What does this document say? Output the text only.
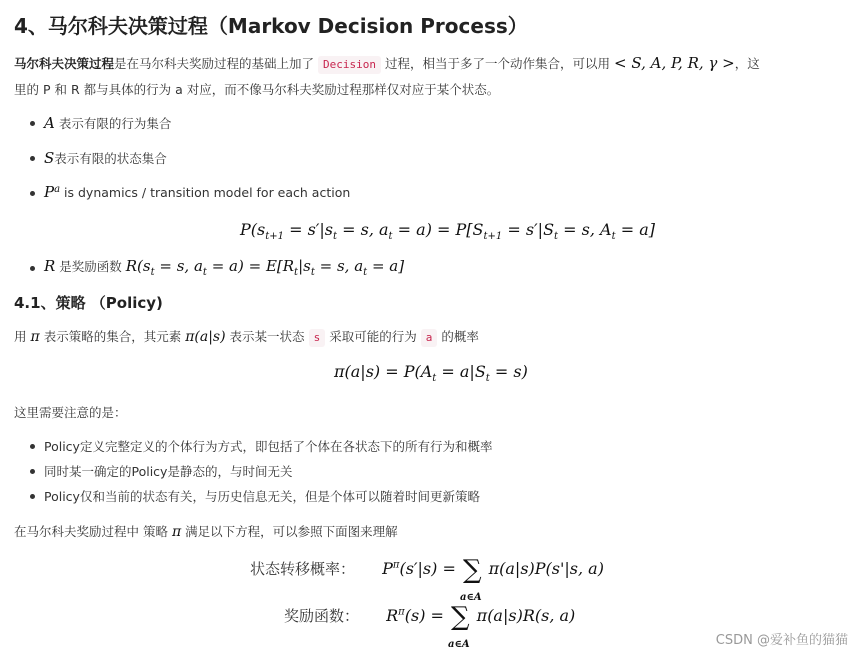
4、马尔科夫决策过程（Markov Decision Process）
马尔科夫决策过程是在马尔科夫奖励过程的基础上加了 Decision 过程，相当于多了一个动作集合，可以用 < S, A, P, R, γ >，这
里的 P 和 R 都与具体的行为 a 对应，而不像马尔科夫奖励过程那样仅对应于某个状态。
A 表示有限的行为集合
S表示有限的状态集合
$P^a$ is dynamics / transition model for each action
$P(s_{t+1} = s'|s_t = s$, $a_t = a) = P[S_{t+1} = s'|S_t = s$, $A_t = a$]
R 是奖励函数 $R(s_t = s$, $a_t = a) = E[R_t|s_t = s$, $a_t = a$]
4.1、策略 （Policy)
用 π 表示策略的集合，其元素 π(a|s) 表示某一状态 s 采取可能的行为 a 的概率
$\pi(a|s) = P(A_t = a|S_t = s)$
这里需要注意的是：
Policy定义完整定义的个体行为方式，即包括了个体在各状态下的所有行为和概率
同时某一确定的Policy是静态的，与时间无关
Policy仅和当前的状态有关，与历史信息无关，但是个体可以随着时间更新策略
在马尔科夫奖励过程中 策略 π 满足以下方程，可以参照下面图来理解
状态转移概率： $P^\pi(s'|s)$ = ∑
a∈A
π(a|s)P(s'|s, a)
奖励函数： $R^\pi(s)$ = ∑
a∈A
π(a|s)R(s, a)
CSDN @爱补鱼的猫猫
